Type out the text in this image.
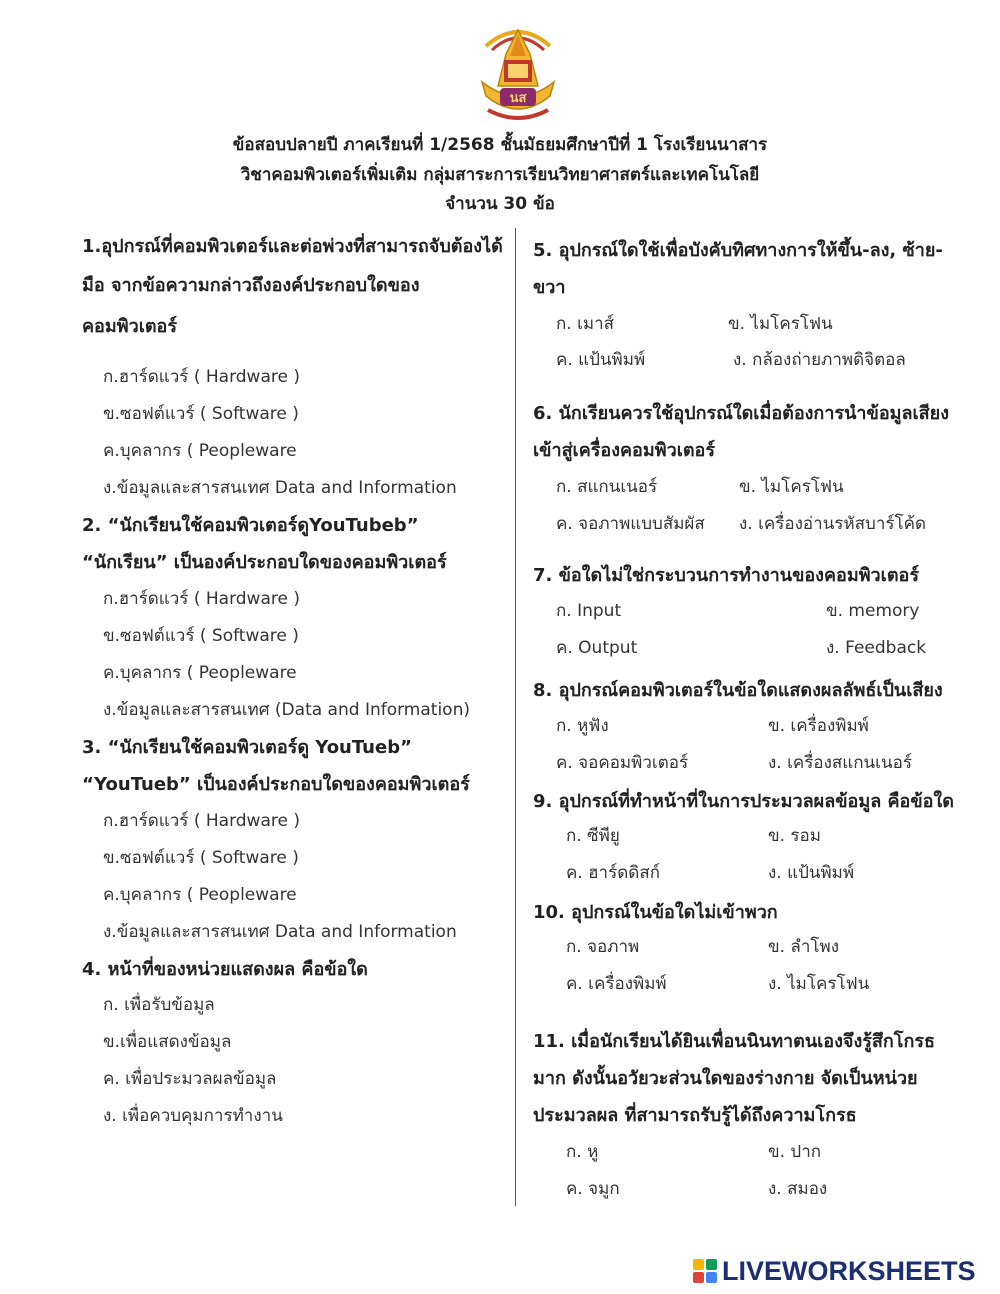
นส
ข้อสอบปลายปี ภาคเรียนที่ 1/2568 ชั้นมัธยมศึกษาปีที่ 1 โรงเรียนนาสาร
วิชาคอมพิวเตอร์เพิ่มเติม กลุ่มสาระการเรียนวิทยาศาสตร์และเทคโนโลยี
จำนวน 30 ข้อ
1.อุปกรณ์ที่คอมพิวเตอร์และต่อพ่วงที่สามารถจับต้องได้
มือ จากข้อความกล่าวถึงองค์ประกอบใดของ
คอมพิวเตอร์
ก.ฮาร์ดแวร์ ( Hardware )
ข.ซอฟต์แวร์ ( Software )
ค.บุคลากร ( Peopleware
ง.ข้อมูลและสารสนเทศ Data and Information
2. “นักเรียนใช้คอมพิวเตอร์ดูYouTubeb”
“นักเรียน” เป็นองค์ประกอบใดของคอมพิวเตอร์
ก.ฮาร์ดแวร์ ( Hardware )
ข.ซอฟต์แวร์ ( Software )
ค.บุคลากร ( Peopleware
ง.ข้อมูลและสารสนเทศ (Data and Information)
3. “นักเรียนใช้คอมพิวเตอร์ดู YouTueb”
“YouTueb” เป็นองค์ประกอบใดของคอมพิวเตอร์
ก.ฮาร์ดแวร์ ( Hardware )
ข.ซอฟต์แวร์ ( Software )
ค.บุคลากร ( Peopleware
ง.ข้อมูลและสารสนเทศ Data and Information
4. หน้าที่ของหน่วยแสดงผล คือข้อใด
ก. เพื่อรับข้อมูล
ข.เพื่อแสดงข้อมูล
ค. เพื่อประมวลผลข้อมูล
ง. เพื่อควบคุมการทำงาน
5. อุปกรณ์ใดใช้เพื่อบังคับทิศทางการให้ขึ้น-ลง, ซ้าย-
ขวา
ก. เมาส์	ข. ไมโครโฟน
ค. แป้นพิมพ์	ง. กล้องถ่ายภาพดิจิตอล
6. นักเรียนควรใช้อุปกรณ์ใดเมื่อต้องการนำข้อมูลเสียง
เข้าสู่เครื่องคอมพิวเตอร์
ก. สแกนเนอร์	ข. ไมโครโฟน
ค. จอภาพแบบสัมผัส ง. เครื่องอ่านรหัสบาร์โค้ด
7. ข้อใดไม่ใช่กระบวนการทำงานของคอมพิวเตอร์
ก. Input	ข. memory
ค. Output	ง. Feedback
8. อุปกรณ์คอมพิวเตอร์ในข้อใดแสดงผลลัพธ์เป็นเสียง
ก. หูฟัง	ข. เครื่องพิมพ์
ค. จอคอมพิวเตอร์	ง. เครื่องสแกนเนอร์
9. อุปกรณ์ที่ทำหน้าที่ในการประมวลผลข้อมูล คือข้อใด
ก. ซีพียู	ข. รอม
ค. ฮาร์ดดิสก์	ง. แป้นพิมพ์
10. อุปกรณ์ในข้อใดไม่เข้าพวก
ก. จอภาพ	ข. ลำโพง
ค. เครื่องพิมพ์	ง. ไมโครโฟน
11. เมื่อนักเรียนได้ยินเพื่อนนินทาตนเองจึงรู้สึกโกรธ
มาก ดังนั้นอวัยวะส่วนใดของร่างกาย จัดเป็นหน่วย
ประมวลผล ที่สามารถรับรู้ได้ถึงความโกรธ
ก. หู	ข. ปาก
ค. จมูก	ง. สมอง
LIVEWORKSHEETS
